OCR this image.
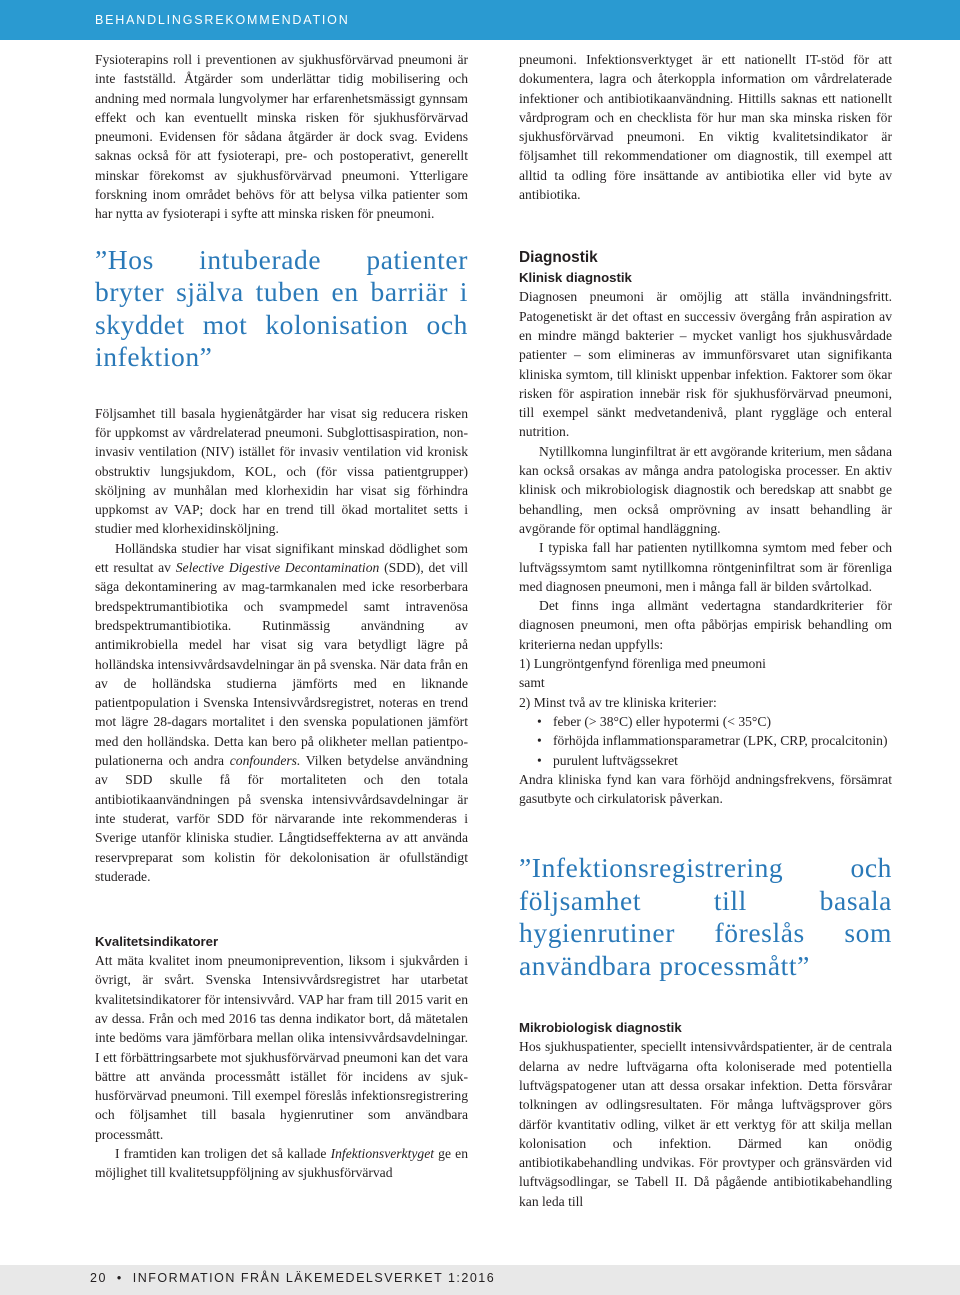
BEHANDLINGSREKOMMENDATION

Fysioterapins roll i preventionen av sjukhusförvärvad pneumoni är inte fastställd. Åtgärder som underlättar tidig mobilisering och andning med normala lungvolymer har erfarenhetsmässigt gynnsam effekt och kan eventuellt minska risken för sjukhusförvärvad pneumoni. Evidensen för sådana åtgärder är dock svag. Evidens saknas också för att fysioterapi, pre- och postoperativt, generellt minskar förekomst av sjukhusförvärvad pneumoni. Ytterligare forskning inom området behövs för att belysa vilka patienter som har nytta av fysioterapi i syfte att minska risken för pneumoni.

”Hos intuberade patienter bryter själva tuben en barriär i skyddet mot kolonisation och infektion”

Följsamhet till basala hygienåtgärder har visat sig reducera risken för uppkomst av vårdrelaterad pneumoni. Subglottisaspiration, non-invasiv ventilation (NIV) istället för invasiv ventilation vid kronisk obstruktiv lungsjukdom, KOL, och (för vissa patientgrupper) sköljning av munhålan med klorhexidin har visat sig förhindra uppkomst av VAP; dock har en trend till ökad mortalitet setts i studier med klorhexidinsköljning.

Holländska studier har visat signifikant minskad dödlighet som ett resultat av Selective Digestive Decontamination (SDD), det vill säga dekontaminering av mag-tarmkanalen med icke resorberbara bredspektrumantibiotika och svampmedel samt intravenösa bredspektrumantibiotika. Rutinmässig användning av antimikrobiella medel har visat sig vara betydligt lägre på holländska intensivvårdsavdelningar än på svenska. När data från en av de holländska studierna jämförts med en liknande patientpopulation i Svenska Intensivvårdsregistret, noteras en trend mot lägre 28-dagars mortalitet i den svenska populationen jämfört med den holländska. Detta kan bero på olikheter mellan patientpopulationerna och andra confounders. Vilken betydelse användning av SDD skulle få för mortaliteten och den totala antibiotikaanvändningen på svenska intensivvårdsavdelningar är inte studerat, varför SDD för närvarande inte rekommenderas i Sverige utanför kliniska studier. Långtidseffekterna av att använda reservpreparat som kolistin för dekolonisation är ofullständigt studerade.

Kvalitetsindikatorer

Att mäta kvalitet inom pneumoniprevention, liksom i sjukvården i övrigt, är svårt. Svenska Intensivvårdsregistret har utarbetat kvalitetsindikatorer för intensivvård. VAP har fram till 2015 varit en av dessa. Från och med 2016 tas denna indikator bort, då mätetalen inte bedöms vara jämförbara mellan olika intensivvårdsavdelningar. I ett förbättringsarbete mot sjukhusförvärvad pneumoni kan det vara bättre att använda processmått istället för incidens av sjukhusförvärvad pneumoni. Till exempel föreslås infektionsregistrering och följsamhet till basala hygienrutiner som användbara processmått.

I framtiden kan troligen det så kallade Infektionsverktyget ge en möjlighet till kvalitetsuppföljning av sjukhusförvärvad

pneumoni. Infektionsverktyget är ett nationellt IT-stöd för att dokumentera, lagra och återkoppla information om vårdrelaterade infektioner och antibiotikaanvändning. Hittills saknas ett nationellt vårdprogram och en checklista för hur man ska minska risken för sjukhusförvärvad pneumoni. En viktig kvalitetsindikator är följsamhet till rekommendationer om diagnostik, till exempel att alltid ta odling före insättande av antibiotika eller vid byte av antibiotika.

Diagnostik
Klinisk diagnostik

Diagnosen pneumoni är omöjlig att ställa invändningsfritt. Patogenetiskt är det oftast en successiv övergång från aspiration av en mindre mängd bakterier – mycket vanligt hos sjukhusvårdade patienter – som elimineras av immunförsvaret utan signifikanta kliniska symtom, till kliniskt uppenbar infektion. Faktorer som ökar risken för aspiration innebär risk för sjukhusförvärvad pneumoni, till exempel sänkt medvetandenivå, plant ryggläge och enteral nutrition.

Nytillkomna lunginfiltrat är ett avgörande kriterium, men sådana kan också orsakas av många andra patologiska processer. En aktiv klinisk och mikrobiologisk diagnostik och beredskap att snabbt ge behandling, men också omprövning av insatt behandling är avgörande för optimal handläggning.

I typiska fall har patienten nytillkomna symtom med feber och luftvägssymtom samt nytillkomna röntgeninfiltrat som är förenliga med diagnosen pneumoni, men i många fall är bilden svårtolkad.

Det finns inga allmänt vedertagna standardkriterier för diagnosen pneumoni, men ofta påbörjas empirisk behandling om kriterierna nedan uppfylls:

1) Lungröntgenfynd förenliga med pneumoni
samt
2) Minst två av tre kliniska kriterier:
• feber (> 38°C) eller hypotermi (< 35°C)
• förhöjda inflammationsparametrar (LPK, CRP, procalcitonin)
• purulent luftvägssekret

Andra kliniska fynd kan vara förhöjd andningsfrekvens, försämrat gasutbyte och cirkulatorisk påverkan.

”Infektionsregistrering och följsamhet till basala hygienrutiner föreslås som användbara processmått”

Mikrobiologisk diagnostik

Hos sjukhuspatienter, speciellt intensivvårdspatienter, är de centrala delarna av nedre luftvägarna ofta koloniserade med potentiella luftvägspatogener utan att dessa orsakar infektion. Detta försvårar tolkningen av odlingsresultaten. För många luftvägsprover görs därför kvantitativ odling, vilket är ett verktyg för att skilja mellan kolonisation och infektion. Därmed kan onödig antibiotikabehandling undvikas. För provtyper och gränsvärden vid luftvägsodlingar, se Tabell II. Då pågående antibiotikabehandling kan leda till

20 • INFORMATION FRÅN LÄKEMEDELSVERKET 1:2016
